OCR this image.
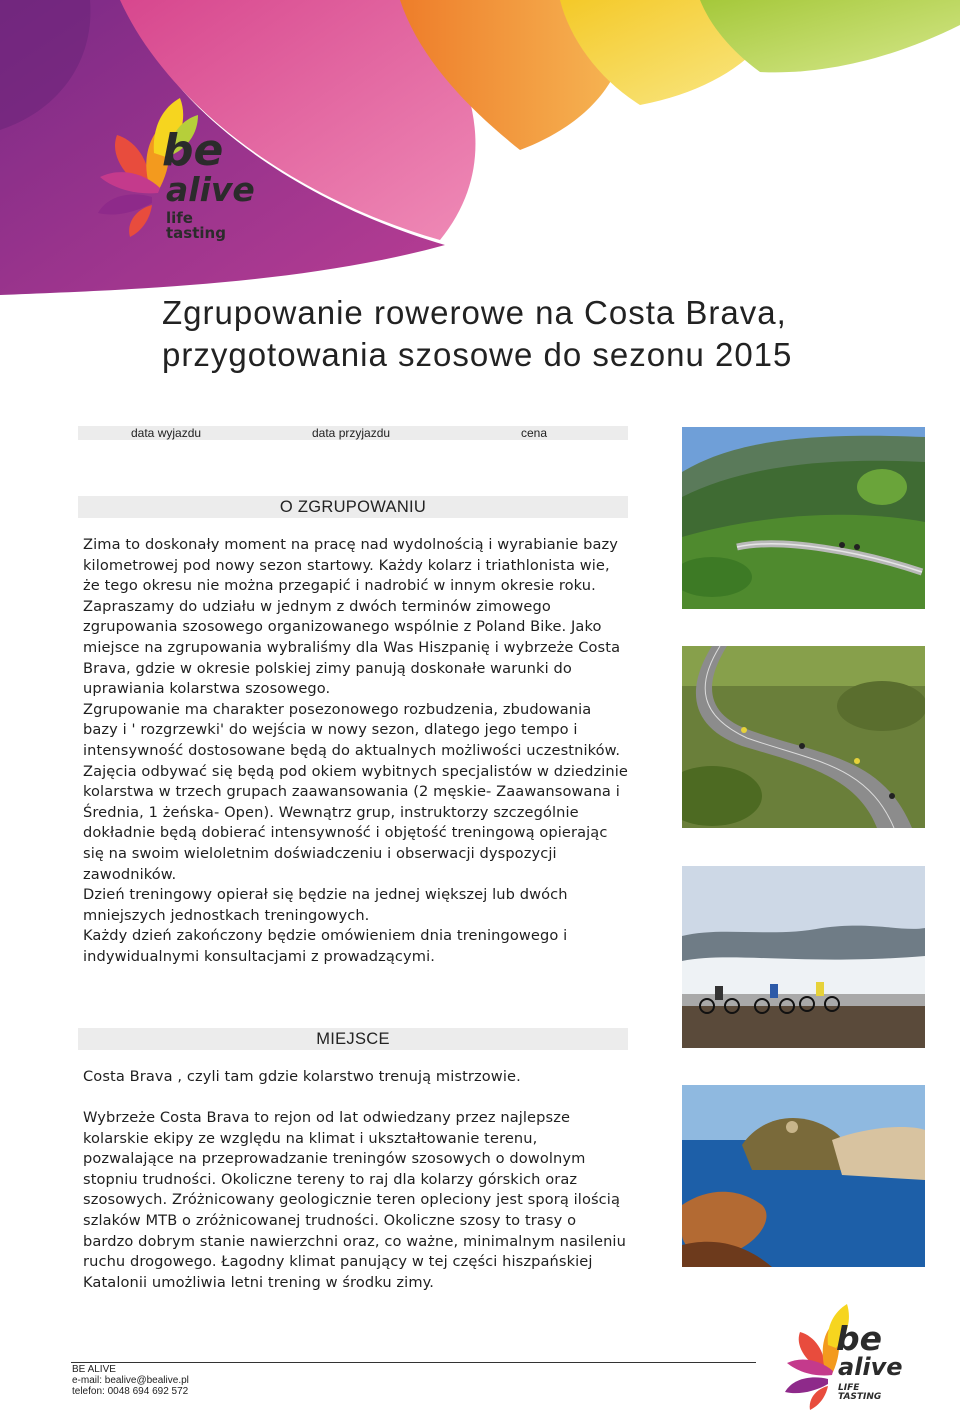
be
alive
life tasting
Zgrupowanie rowerowe na Costa Brava,
przygotowania szosowe do sezonu 2015
data wyjazdu	data przyjazdu	cena
O ZGRUPOWANIU

Zima to doskonały moment na pracę nad wydolnością i wyrabianie bazy kilometrowej pod nowy sezon startowy. Każdy kolarz i triathlonista wie, że tego okresu nie można przegapić i nadrobić w innym okresie roku. Zapraszamy do udziału w jednym z dwóch terminów zimowego zgrupowania szosowego organizowanego wspólnie z Poland Bike. Jako miejsce na zgrupowania wybraliśmy dla Was Hiszpanię i wybrzeże Costa Brava, gdzie w okresie polskiej zimy panują doskonałe warunki do uprawiania kolarstwa szosowego.

Zgrupowanie ma charakter posezonowego rozbudzenia, zbudowania bazy i ' rozgrzewki' do wejścia w nowy sezon, dlatego jego tempo i intensywność dostosowane będą do aktualnych możliwości uczestników. Zajęcia odbywać się będą pod okiem wybitnych specjalistów w dziedzinie kolarstwa w trzech grupach zaawansowania (2 męskie- Zaawansowana i Średnia, 1 żeńska- Open). Wewnątrz grup, instruktorzy szczególnie dokładnie będą dobierać intensywność i objętość treningową opierając się na swoim wieloletnim doświadczeniu i obserwacji dyspozycji zawodników.

Dzień treningowy opierał się będzie na jednej większej lub dwóch mniejszych jednostkach treningowych.

Każdy dzień zakończony będzie omówieniem dnia treningowego i indywidualnymi konsultacjami z prowadzącymi.

MIEJSCE
Costa Brava , czyli tam gdzie kolarstwo trenują mistrzowie.
Wybrzeże Costa Brava to rejon od lat odwiedzany przez najlepsze kolarskie ekipy ze względu na klimat i ukształtowanie terenu, pozwalające na przeprowadzanie treningów szosowych o dowolnym stopniu trudności. Okoliczne tereny to raj dla kolarzy górskich oraz szosowych. Zróżnicowany geologicznie teren opleciony jest sporą ilością szlaków MTB o zróżnicowanej trudności. Okoliczne szosy to trasy o bardzo dobrym stanie nawierzchni oraz, co ważne, minimalnym nasileniu ruchu drogowego. Łagodny klimat panujący w tej części hiszpańskiej Katalonii umożliwia letni trening w środku zimy.
be
alive
LIFE TASTING
BE ALIVE
e-mail: bealive@bealive.pl
telefon: 0048 694 692 572
